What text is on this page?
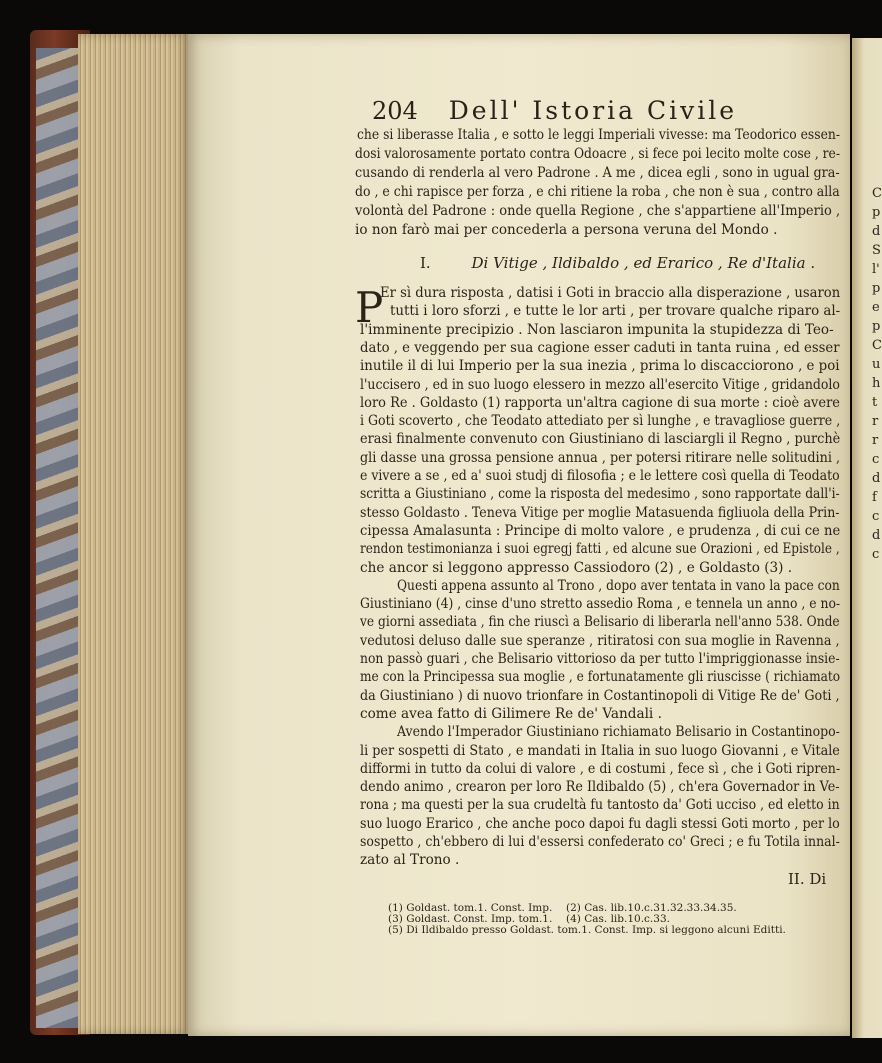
C
p
d
S
l'
p
e
p
C
u
h
t
r
r
c
d
f
c
d
c
204 Dell' Istoria Civile
che si liberasse Italia , e sotto le leggi Imperiali vivesse: ma Teodorico essen-
dosi valorosamente portato contra Odoacre , si fece poi lecito molte cose , re-
cusando di renderla al vero Padrone . A me , dicea egli , sono in ugual gra-
do , e chi rapisce per forza , e chi ritiene la roba , che non è sua , contro alla
volontà del Padrone : onde quella Regione , che s'appartiene all'Imperio ,
io non farò mai per concederla a persona veruna del Mondo .
I.	Di Vitige , Ildibaldo , ed Erarico , Re d'Italia .
P
Er sì dura risposta , datisi i Goti in braccio alla disperazione , usaron
tutti i loro sforzi , e tutte le lor arti , per trovare qualche riparo al-
l'imminente precipizio . Non lasciaron impunita la stupidezza di Teo-
dato , e veggendo per sua cagione esser caduti in tanta ruina , ed esser
inutile il di lui Imperio per la sua inezia , prima lo discacciorono , e poi
l'uccisero , ed in suo luogo elessero in mezzo all'esercito Vitige , gridandolo
loro Re . Goldasto (1) rapporta un'altra cagione di sua morte : cioè avere
i Goti scoverto , che Teodato attediato per sì lunghe , e travagliose guerre ,
erasi finalmente convenuto con Giustiniano di lasciargli il Regno , purchè
gli dasse una grossa pensione annua , per potersi ritirare nelle solitudini ,
e vivere a se , ed a' suoi studj di filosofia ; e le lettere così quella di Teodato
scritta a Giustiniano , come la risposta del medesimo , sono rapportate dall'i-
stesso Goldasto . Teneva Vitige per moglie Matasuenda figliuola della Prin-
cipessa Amalasunta : Principe di molto valore , e prudenza , di cui ce ne
rendon testimonianza i suoi egregj fatti , ed alcune sue Orazioni , ed Epistole ,
che ancor si leggono appresso Cassiodoro (2) , e Goldasto (3) .
Questi appena assunto al Trono , dopo aver tentata in vano la pace con
Giustiniano (4) , cinse d'uno stretto assedio Roma , e tennela un anno , e no-
ve giorni assediata , fin che riuscì a Belisario di liberarla nell'anno 538. Onde
vedutosi deluso dalle sue speranze , ritiratosi con sua moglie in Ravenna ,
non passò guari , che Belisario vittorioso da per tutto l'impriggionasse insie-
me con la Principessa sua moglie , e fortunatamente gli riuscisse ( richiamato
da Giustiniano ) di nuovo trionfare in Costantinopoli di Vitige Re de' Goti ,
come avea fatto di Gilimere Re de' Vandali .
Avendo l'Imperador Giustiniano richiamato Belisario in Costantinopo-
li per sospetti di Stato , e mandati in Italia in suo luogo Giovanni , e Vitale
difformi in tutto da colui di valore , e di costumi , fece sì , che i Goti ripren-
dendo animo , crearon per loro Re Ildibaldo (5) , ch'era Governador in Ve-
rona ; ma questi per la sua crudeltà fu tantosto da' Goti ucciso , ed eletto in
suo luogo Erarico , che anche poco dapoi fu dagli stessi Goti morto , per lo
sospetto , ch'ebbero di lui d'essersi confederato co' Greci ; e fu Totila innal-
zato al Trono .
II. Di
(1) Goldast. tom.1. Const. Imp. (2) Cas. lib.10.c.31.32.33.34.35.
(3) Goldast. Const. Imp. tom.1. (4) Cas. lib.10.c.33.
(5) Di Ildibaldo presso Goldast. tom.1. Const. Imp. si leggono alcuni Editti.
